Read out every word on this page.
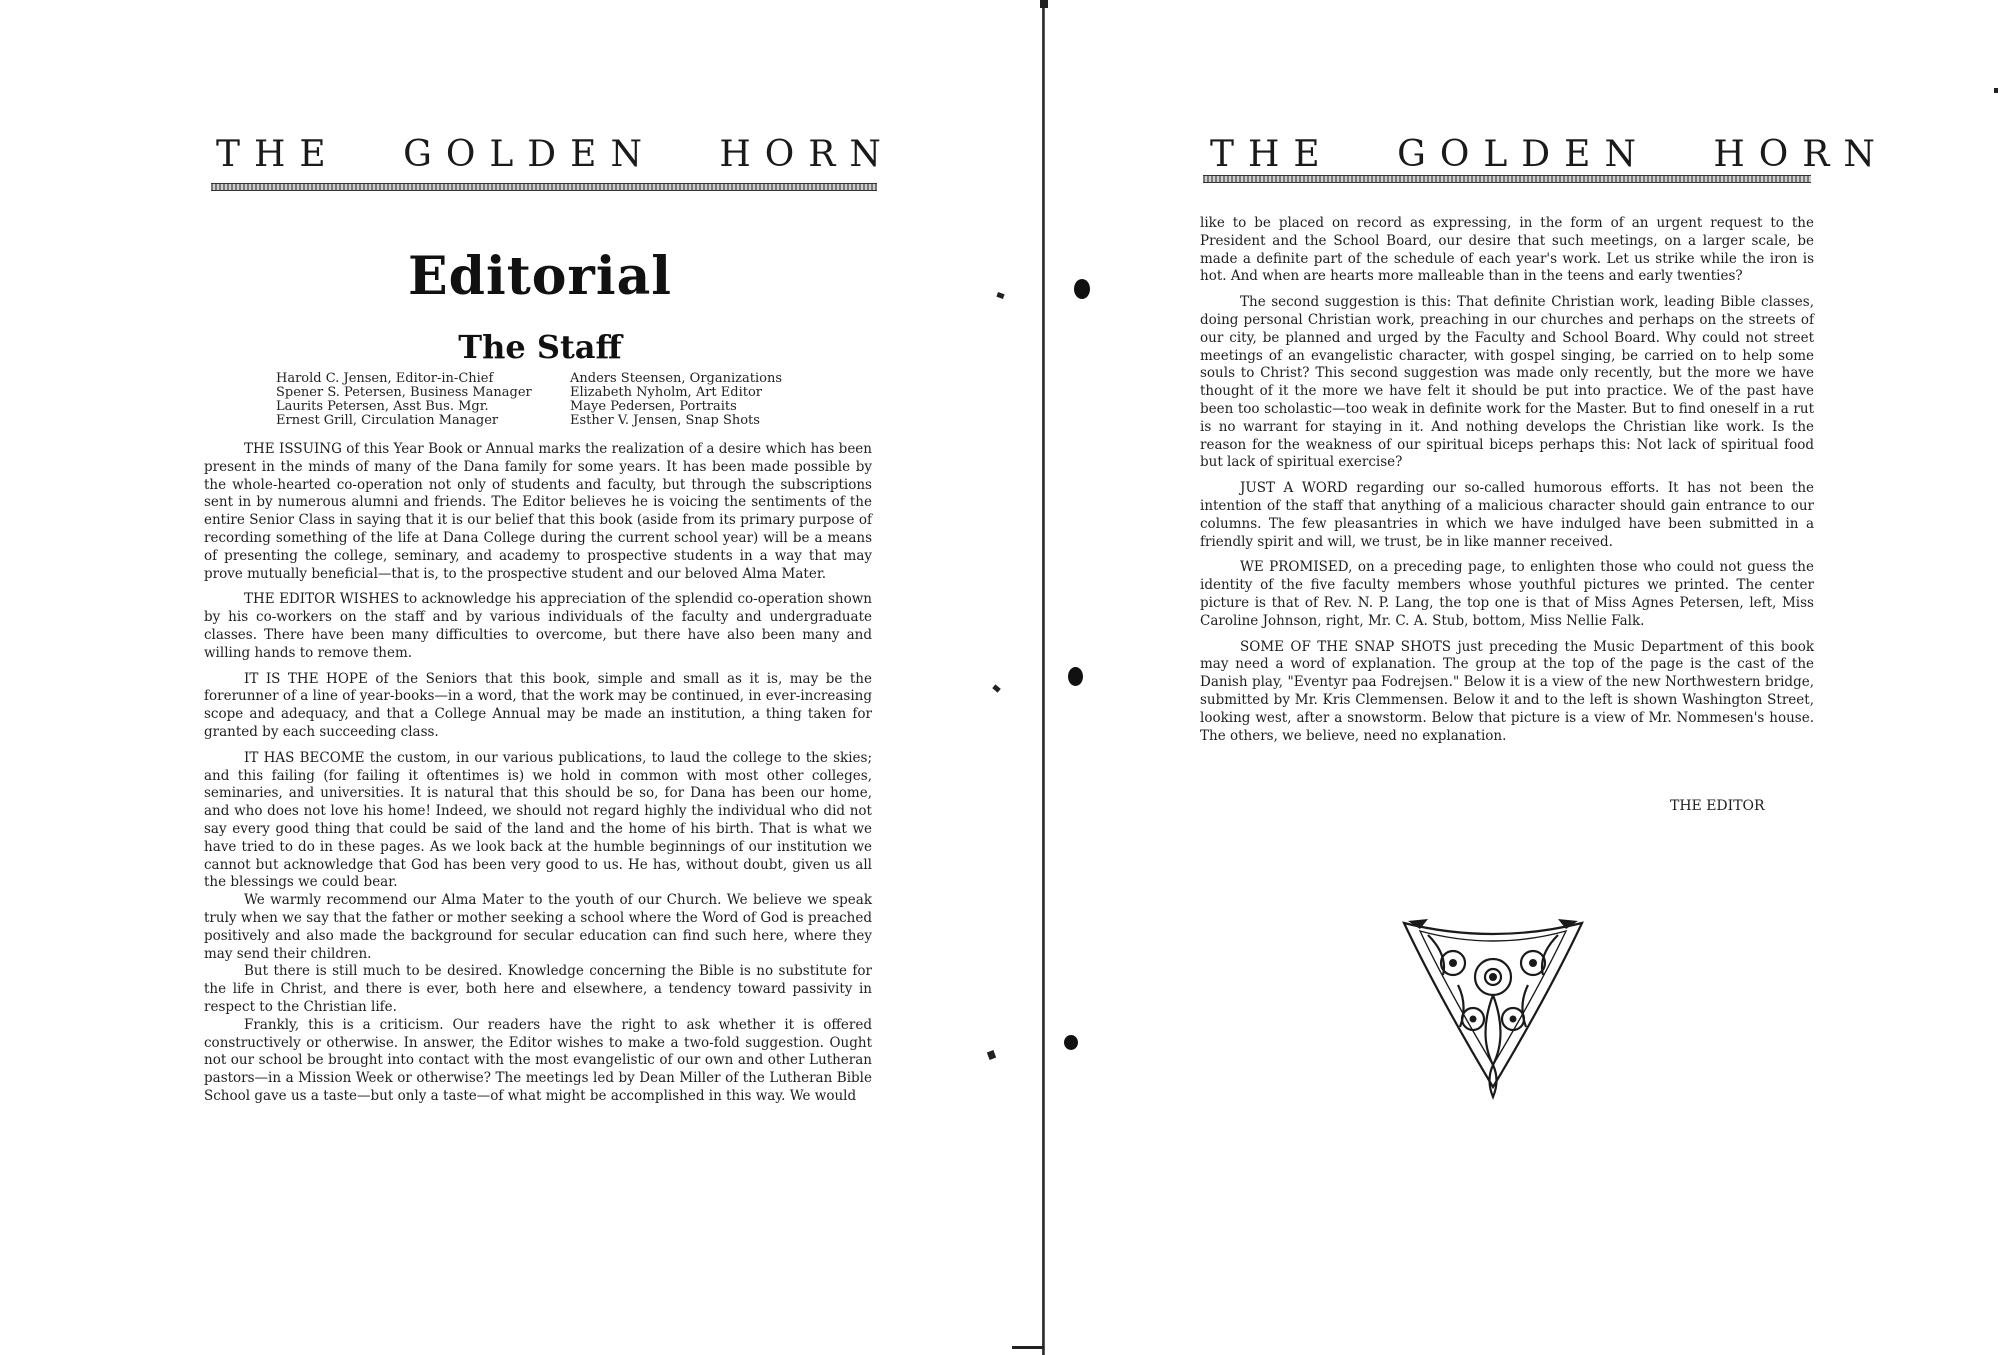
THE GOLDEN HORN
Editorial
The Staff
Harold C. Jensen, Editor-in-Chief
Spener S. Petersen, Business Manager
Laurits Petersen, Asst Bus. Mgr.
Ernest Grill, Circulation Manager
Anders Steensen, Organizations
Elizabeth Nyholm, Art Editor
Maye Pedersen, Portraits
Esther V. Jensen, Snap Shots

THE ISSUING of this Year Book or Annual marks the realization of a desire which has been present in the minds of many of the Dana family for some years. It has been made possible by the whole-hearted co-operation not only of students and faculty, but through the subscriptions sent in by numerous alumni and friends. The Editor believes he is voicing the sentiments of the entire Senior Class in saying that it is our belief that this book (aside from its primary purpose of recording something of the life at Dana College during the current school year) will be a means of presenting the college, seminary, and academy to prospective students in a way that may prove mutually beneficial—that is, to the prospective student and our beloved Alma Mater.

THE EDITOR WISHES to acknowledge his appreciation of the splendid co-operation shown by his co-workers on the staff and by various individuals of the faculty and undergraduate classes. There have been many difficulties to overcome, but there have also been many and willing hands to remove them.

IT IS THE HOPE of the Seniors that this book, simple and small as it is, may be the forerunner of a line of year-books—in a word, that the work may be continued, in ever-increasing scope and adequacy, and that a College Annual may be made an institution, a thing taken for granted by each succeeding class.

IT HAS BECOME the custom, in our various publications, to laud the college to the skies; and this failing (for failing it oftentimes is) we hold in common with most other colleges, seminaries, and universities. It is natural that this should be so, for Dana has been our home, and who does not love his home! Indeed, we should not regard highly the individual who did not say every good thing that could be said of the land and the home of his birth. That is what we have tried to do in these pages. As we look back at the humble beginnings of our institution we cannot but acknowledge that God has been very good to us. He has, without doubt, given us all the blessings we could bear.

We warmly recommend our Alma Mater to the youth of our Church. We believe we speak truly when we say that the father or mother seeking a school where the Word of God is preached positively and also made the background for secular education can find such here, where they may send their children.

But there is still much to be desired. Knowledge concerning the Bible is no substitute for the life in Christ, and there is ever, both here and elsewhere, a tendency toward passivity in respect to the Christian life.

Frankly, this is a criticism. Our readers have the right to ask whether it is offered constructively or otherwise. In answer, the Editor wishes to make a two-fold suggestion. Ought not our school be brought into contact with the most evangelistic of our own and other Lutheran pastors—in a Mission Week or otherwise? The meetings led by Dean Miller of the Lutheran Bible School gave us a taste—but only a taste—of what might be accomplished in this way. We would

THE GOLDEN HORN

like to be placed on record as expressing, in the form of an urgent request to the President and the School Board, our desire that such meetings, on a larger scale, be made a definite part of the schedule of each year's work. Let us strike while the iron is hot. And when are hearts more malleable than in the teens and early twenties?

The second suggestion is this: That definite Christian work, leading Bible classes, doing personal Christian work, preaching in our churches and perhaps on the streets of our city, be planned and urged by the Faculty and School Board. Why could not street meetings of an evangelistic character, with gospel singing, be carried on to help some souls to Christ? This second suggestion was made only recently, but the more we have thought of it the more we have felt it should be put into practice. We of the past have been too scholastic—too weak in definite work for the Master. But to find oneself in a rut is no warrant for staying in it. And nothing develops the Christian like work. Is the reason for the weakness of our spiritual biceps perhaps this: Not lack of spiritual food but lack of spiritual exercise?

JUST A WORD regarding our so-called humorous efforts. It has not been the intention of the staff that anything of a malicious character should gain entrance to our columns. The few pleasantries in which we have indulged have been submitted in a friendly spirit and will, we trust, be in like manner received.

WE PROMISED, on a preceding page, to enlighten those who could not guess the identity of the five faculty members whose youthful pictures we printed. The center picture is that of Rev. N. P. Lang, the top one is that of Miss Agnes Petersen, left, Miss Caroline Johnson, right, Mr. C. A. Stub, bottom, Miss Nellie Falk.

SOME OF THE SNAP SHOTS just preceding the Music Department of this book may need a word of explanation. The group at the top of the page is the cast of the Danish play, "Eventyr paa Fodrejsen." Below it is a view of the new Northwestern bridge, submitted by Mr. Kris Clemmensen. Below it and to the left is shown Washington Street, looking west, after a snowstorm. Below that picture is a view of Mr. Nommesen's house. The others, we believe, need no explanation.

THE EDITOR
